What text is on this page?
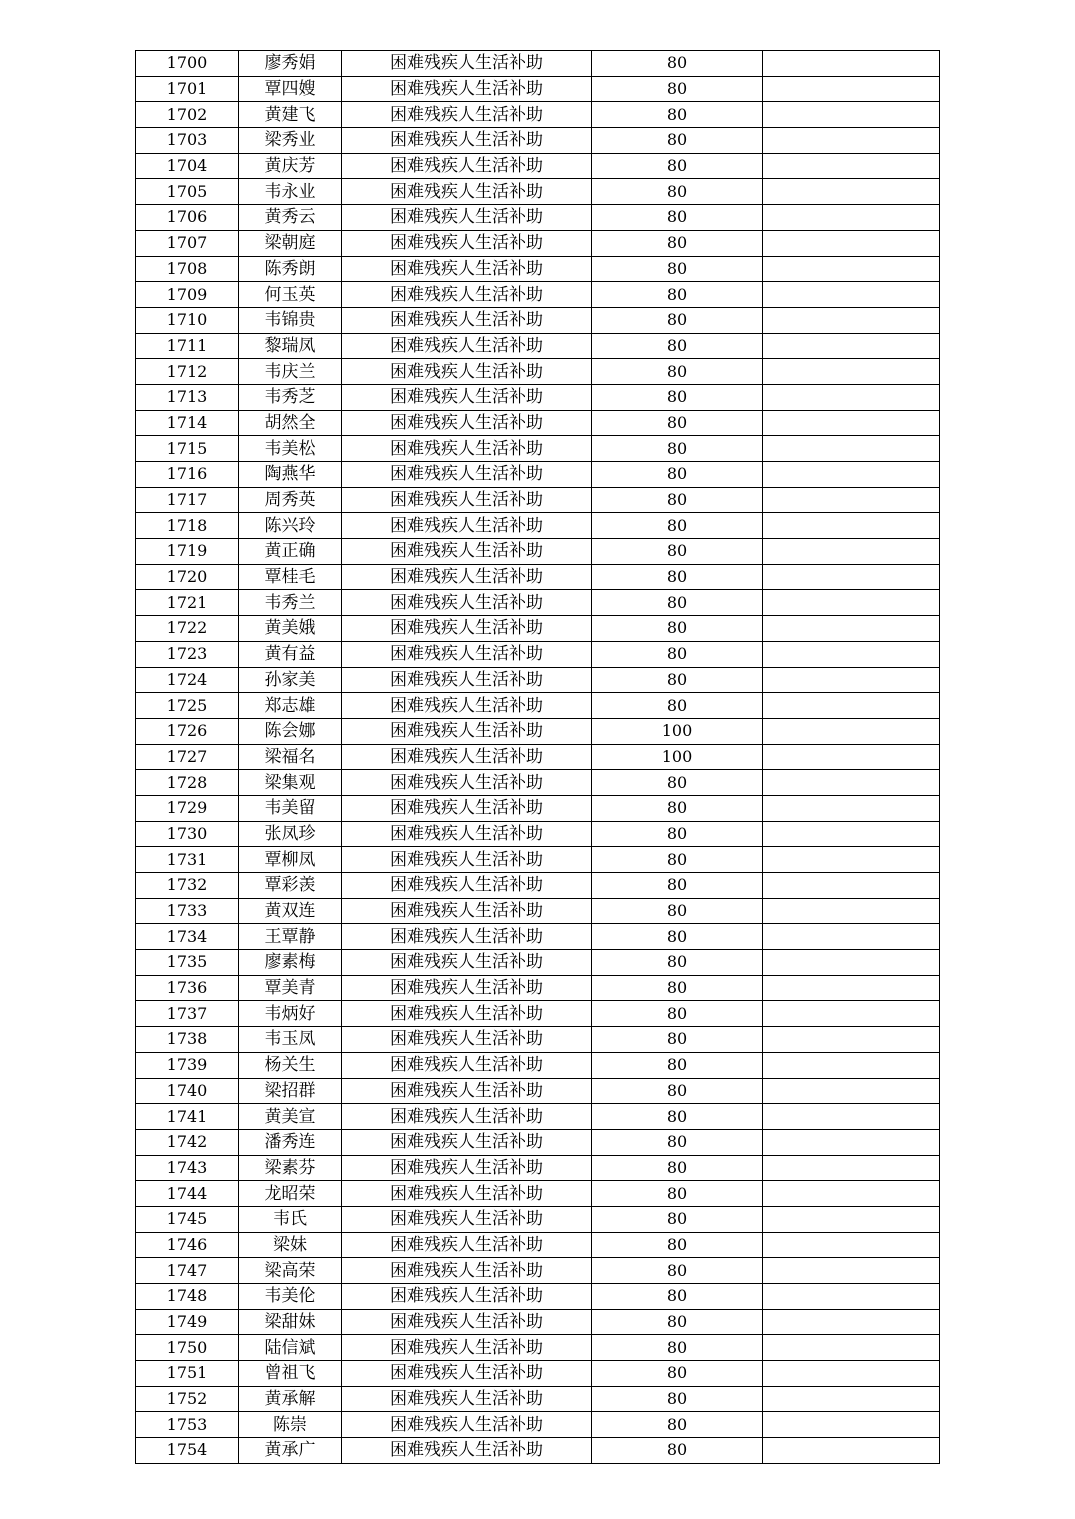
1700	廖秀娟	困难残疾人生活补助	80	
1701	覃四嫂	困难残疾人生活补助	80	
1702	黄建飞	困难残疾人生活补助	80	
1703	梁秀业	困难残疾人生活补助	80	
1704	黄庆芳	困难残疾人生活补助	80	
1705	韦永业	困难残疾人生活补助	80	
1706	黄秀云	困难残疾人生活补助	80	
1707	梁朝庭	困难残疾人生活补助	80	
1708	陈秀朗	困难残疾人生活补助	80	
1709	何玉英	困难残疾人生活补助	80	
1710	韦锦贵	困难残疾人生活补助	80	
1711	黎瑞凤	困难残疾人生活补助	80	
1712	韦庆兰	困难残疾人生活补助	80	
1713	韦秀芝	困难残疾人生活补助	80	
1714	胡然全	困难残疾人生活补助	80	
1715	韦美松	困难残疾人生活补助	80	
1716	陶燕华	困难残疾人生活补助	80	
1717	周秀英	困难残疾人生活补助	80	
1718	陈兴玲	困难残疾人生活补助	80	
1719	黄正确	困难残疾人生活补助	80	
1720	覃桂毛	困难残疾人生活补助	80	
1721	韦秀兰	困难残疾人生活补助	80	
1722	黄美娥	困难残疾人生活补助	80	
1723	黄有益	困难残疾人生活补助	80	
1724	孙家美	困难残疾人生活补助	80	
1725	郑志雄	困难残疾人生活补助	80	
1726	陈会娜	困难残疾人生活补助	100	
1727	梁福名	困难残疾人生活补助	100	
1728	梁集观	困难残疾人生活补助	80	
1729	韦美留	困难残疾人生活补助	80	
1730	张凤珍	困难残疾人生活补助	80	
1731	覃柳凤	困难残疾人生活补助	80	
1732	覃彩羡	困难残疾人生活补助	80	
1733	黄双连	困难残疾人生活补助	80	
1734	王覃静	困难残疾人生活补助	80	
1735	廖素梅	困难残疾人生活补助	80	
1736	覃美青	困难残疾人生活补助	80	
1737	韦炳好	困难残疾人生活补助	80	
1738	韦玉凤	困难残疾人生活补助	80	
1739	杨关生	困难残疾人生活补助	80	
1740	梁招群	困难残疾人生活补助	80	
1741	黄美宣	困难残疾人生活补助	80	
1742	潘秀连	困难残疾人生活补助	80	
1743	梁素芬	困难残疾人生活补助	80	
1744	龙昭荣	困难残疾人生活补助	80	
1745	韦氏	困难残疾人生活补助	80	
1746	梁妹	困难残疾人生活补助	80	
1747	梁高荣	困难残疾人生活补助	80	
1748	韦美伦	困难残疾人生活补助	80	
1749	梁甜妹	困难残疾人生活补助	80	
1750	陆信斌	困难残疾人生活补助	80	
1751	曾祖飞	困难残疾人生活补助	80	
1752	黄承解	困难残疾人生活补助	80	
1753	陈崇	困难残疾人生活补助	80	
1754	黄承广	困难残疾人生活补助	80	
